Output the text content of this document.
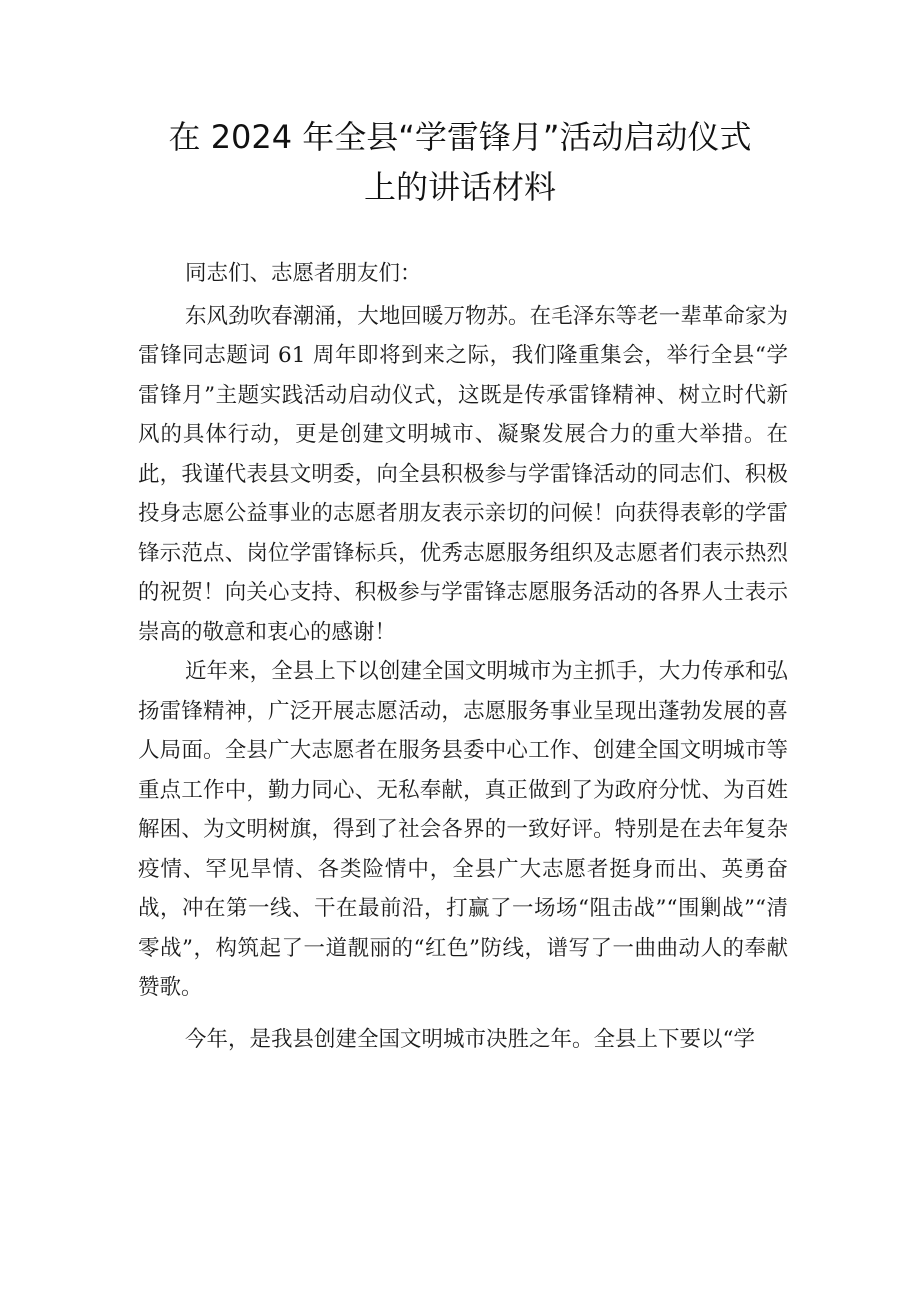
在 2024 年全县“学雷锋月”活动启动仪式
上的讲话材料

同志们、志愿者朋友们：

东风劲吹春潮涌，大地回暖万物苏。在毛泽东等老一辈革命家为雷锋同志题词 61 周年即将到来之际，我们隆重集会，举行全县“学雷锋月”主题实践活动启动仪式，这既是传承雷锋精神、树立时代新风的具体行动，更是创建文明城市、凝聚发展合力的重大举措。在此，我谨代表县文明委，向全县积极参与学雷锋活动的同志们、积极投身志愿公益事业的志愿者朋友表示亲切的问候！向获得表彰的学雷锋示范点、岗位学雷锋标兵，优秀志愿服务组织及志愿者们表示热烈的祝贺！向关心支持、积极参与学雷锋志愿服务活动的各界人士表示崇高的敬意和衷心的感谢！

近年来，全县上下以创建全国文明城市为主抓手，大力传承和弘扬雷锋精神，广泛开展志愿活动，志愿服务事业呈现出蓬勃发展的喜人局面。全县广大志愿者在服务县委中心工作、创建全国文明城市等重点工作中，勤力同心、无私奉献，真正做到了为政府分忧、为百姓解困、为文明树旗，得到了社会各界的一致好评。特别是在去年复杂疫情、罕见旱情、各类险情中，全县广大志愿者挺身而出、英勇奋战，冲在第一线、干在最前沿，打赢了一场场“阻击战”“围剿战”“清零战”，构筑起了一道靓丽的“红色”防线，谱写了一曲曲动人的奉献赞歌。

今年，是我县创建全国文明城市决胜之年。全县上下要以“学
